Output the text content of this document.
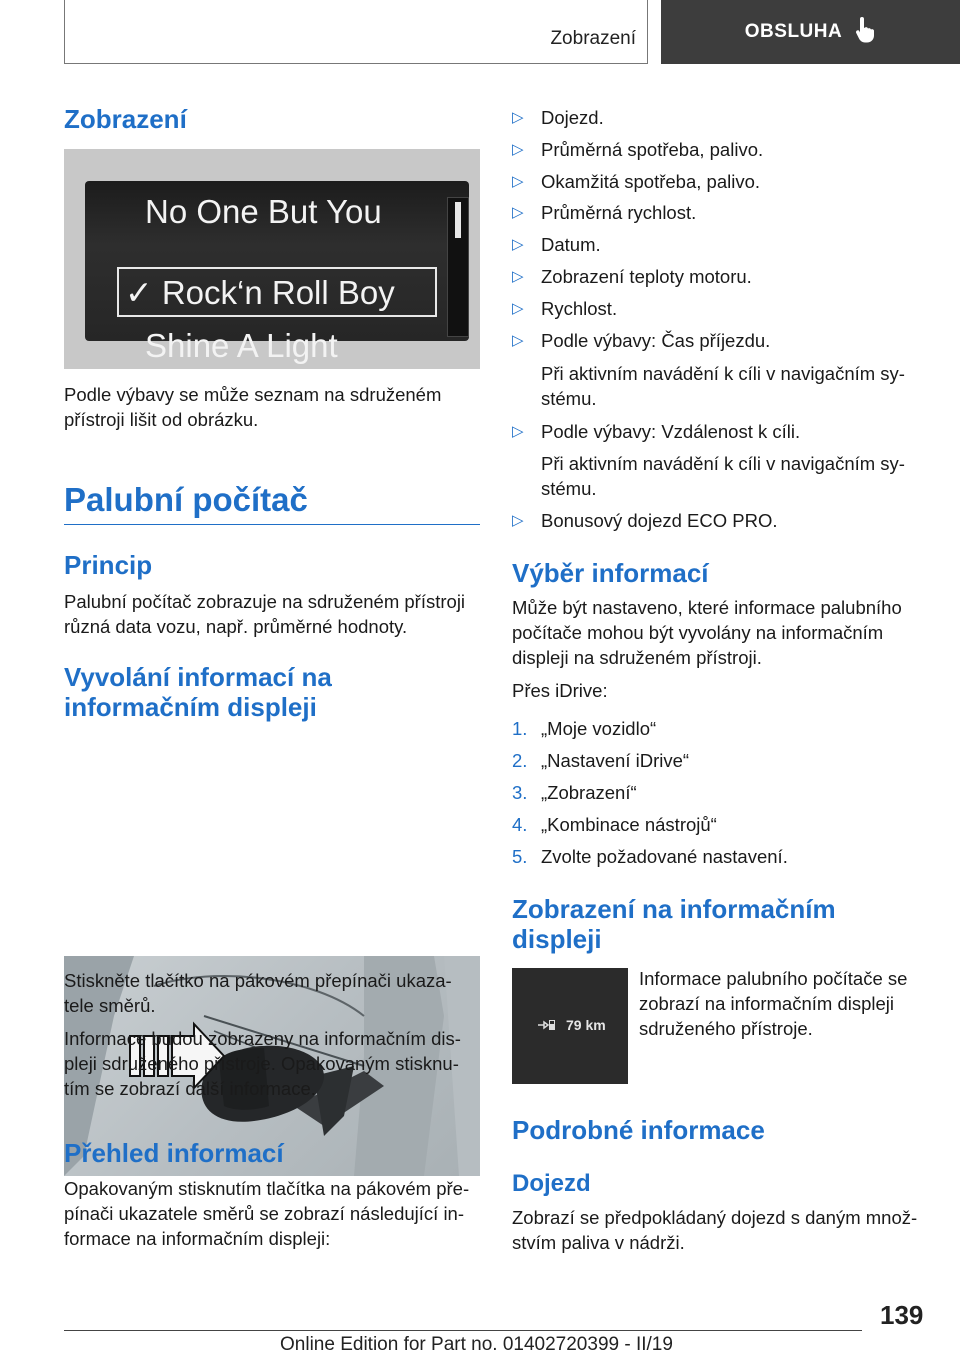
Zobrazení	OBSLUHA
Zobrazení
No One But You
✓ Rock‘n Roll Boy
Shine A Light

Podle výbavy se může seznam na sdruženém přístroji lišit od obrázku.

Palubní počítač
Princip

Palubní počítač zobrazuje na sdruženém přístroji různá data vozu, např. průměrné hodnoty.

Vyvolání informací na
informačním displeji

Stiskněte tlačítko na pákovém přepínači ukaza-

tele směrů.

Informace budou zobrazeny na informačním dis-

pleji sdruženého přístroje. Opakovaným stisknu-

tím se zobrazí další informace.

Přehled informací

Opakovaným stisknutím tlačítka na pákovém pře-

pínači ukazatele směrů se zobrazí následující in-

formace na informačním displeji:

▷ Dojezd.
▷ Průměrná spotřeba, palivo.
▷ Okamžitá spotřeba, palivo.
▷ Průměrná rychlost.
▷ Datum.
▷ Zobrazení teploty motoru.
▷ Rychlost.
▷ Podle výbavy: Čas příjezdu.
Při aktivním navádění k cíli v navigačním sy-
stému.
▷ Podle výbavy: Vzdálenost k cíli.
Při aktivním navádění k cíli v navigačním sy-
stému.
▷ Bonusový dojezd ECO PRO.
Výběr informací

Může být nastaveno, které informace palubního

počítače mohou být vyvolány na informačním

displeji na sdruženém přístroji.

Přes iDrive:

1. „Moje vozidlo“
2. „Nastavení iDrive“
3. „Zobrazení“
4. „Kombinace nástrojů“
5. Zvolte požadované nastavení.
Zobrazení na informačním
displeji
79 km

Informace palubního počítače se

zobrazí na informačním displeji

sdruženého přístroje.

Podrobné informace
Dojezd

Zobrazí se předpokládaný dojezd s daným množ-

stvím paliva v nádrži.

139
Online Edition for Part no. 01402720399 - II/19
